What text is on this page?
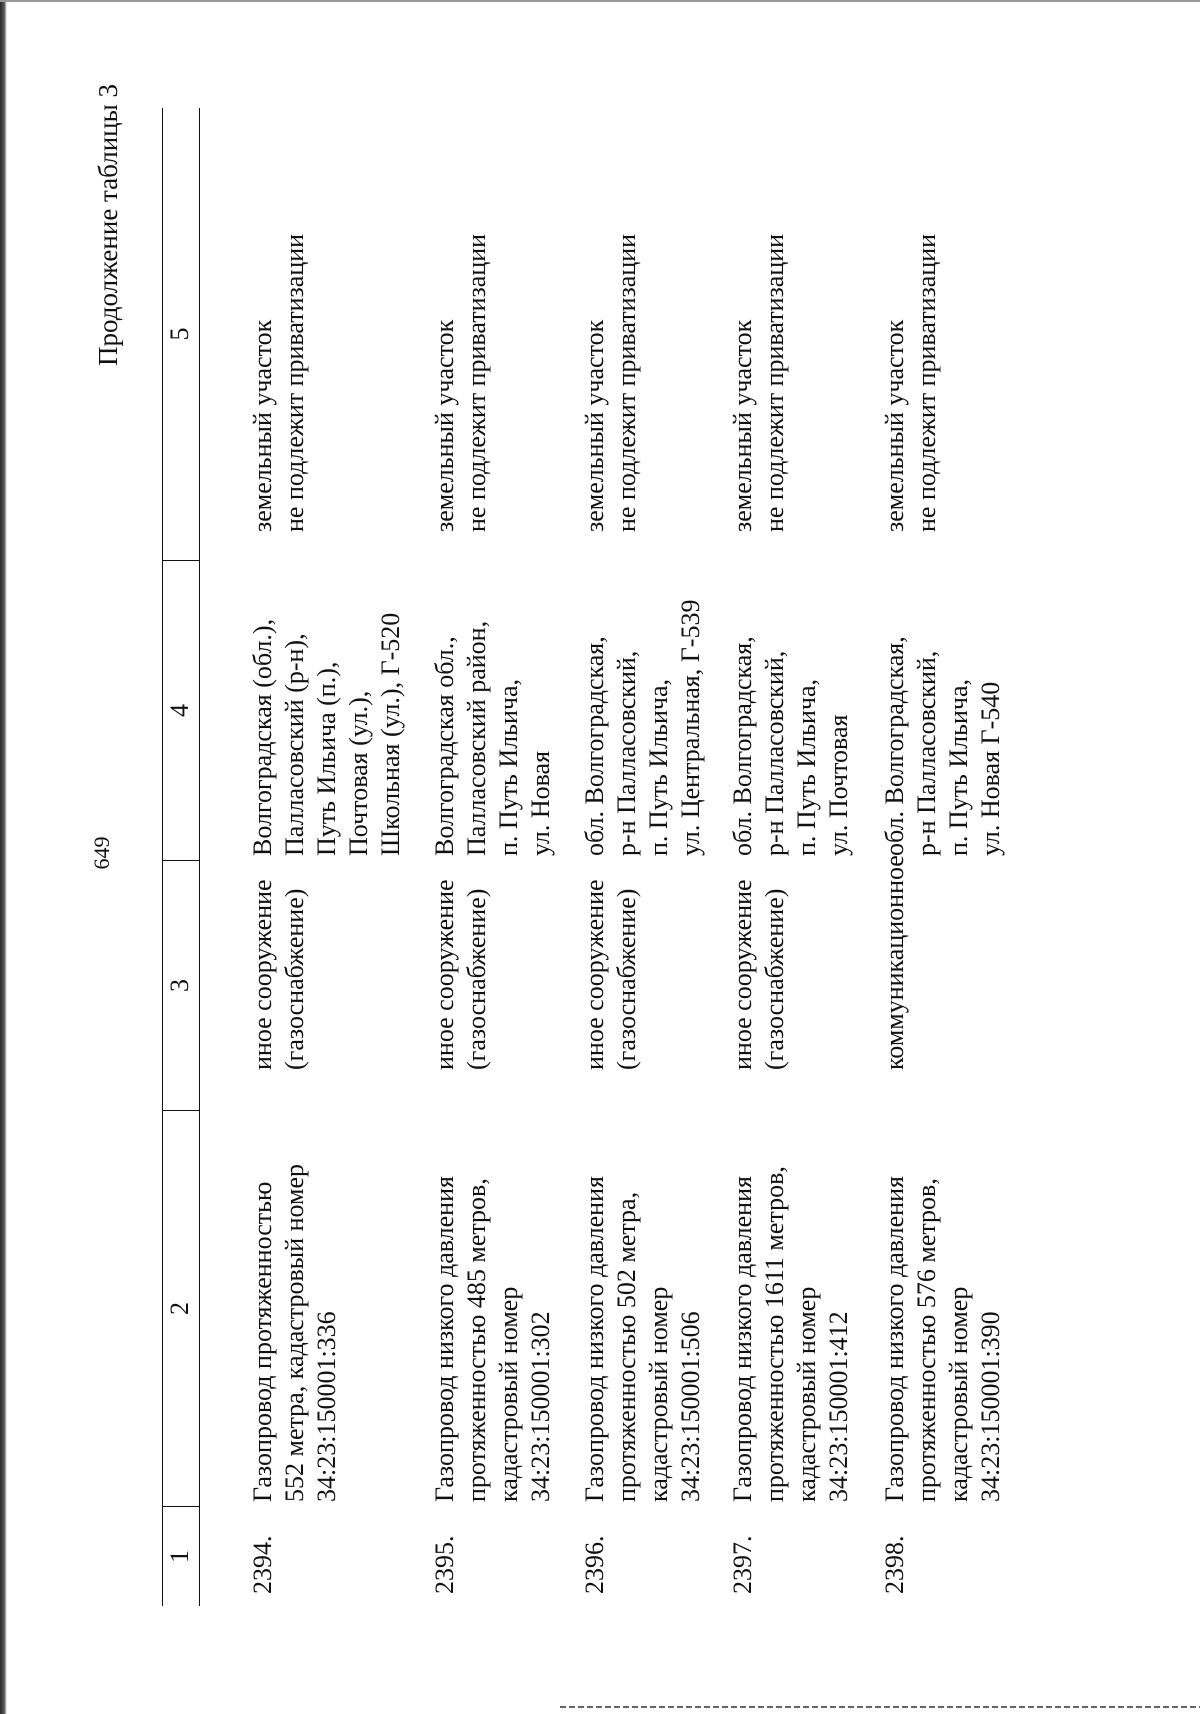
649
Продолжение таблицы 3
1
2
3
4
5
2394.
Газопровод протяженностью 552 метра, кадастровый номер 34:23:150001:336
иное сооружение (газоснабжение)
Волгоградская (обл.), Палласовский (р-н), Путь Ильича (п.), Почтовая (ул.), Школьная (ул.), Г-520
земельный участок не подлежит приватизации
2395.
Газопровод низкого давления протяженностью 485 метров, кадастровый номер 34:23:150001:302
иное сооружение (газоснабжение)
Волгоградская обл., Палласовский район, п. Путь Ильича, ул. Новая
земельный участок не подлежит приватизации
2396.
Газопровод низкого давления протяженностью 502 метра, кадастровый номер 34:23:150001:506
иное сооружение (газоснабжение)
обл. Волгоградская, р-н Палласовский, п. Путь Ильича, ул. Центральная, Г-539
земельный участок не подлежит приватизации
2397.
Газопровод низкого давления протяженностью 1611 метров, кадастровый номер 34:23:150001:412
иное сооружение (газоснабжение)
обл. Волгоградская, р-н Палласовский, п. Путь Ильича, ул. Почтовая
земельный участок не подлежит приватизации
2398.
Газопровод низкого давления протяженностью 576 метров, кадастровый номер 34:23:150001:390
коммуникационное
обл. Волгоградская, р-н Палласовский, п. Путь Ильича, ул. Новая Г-540
земельный участок не подлежит приватизации
